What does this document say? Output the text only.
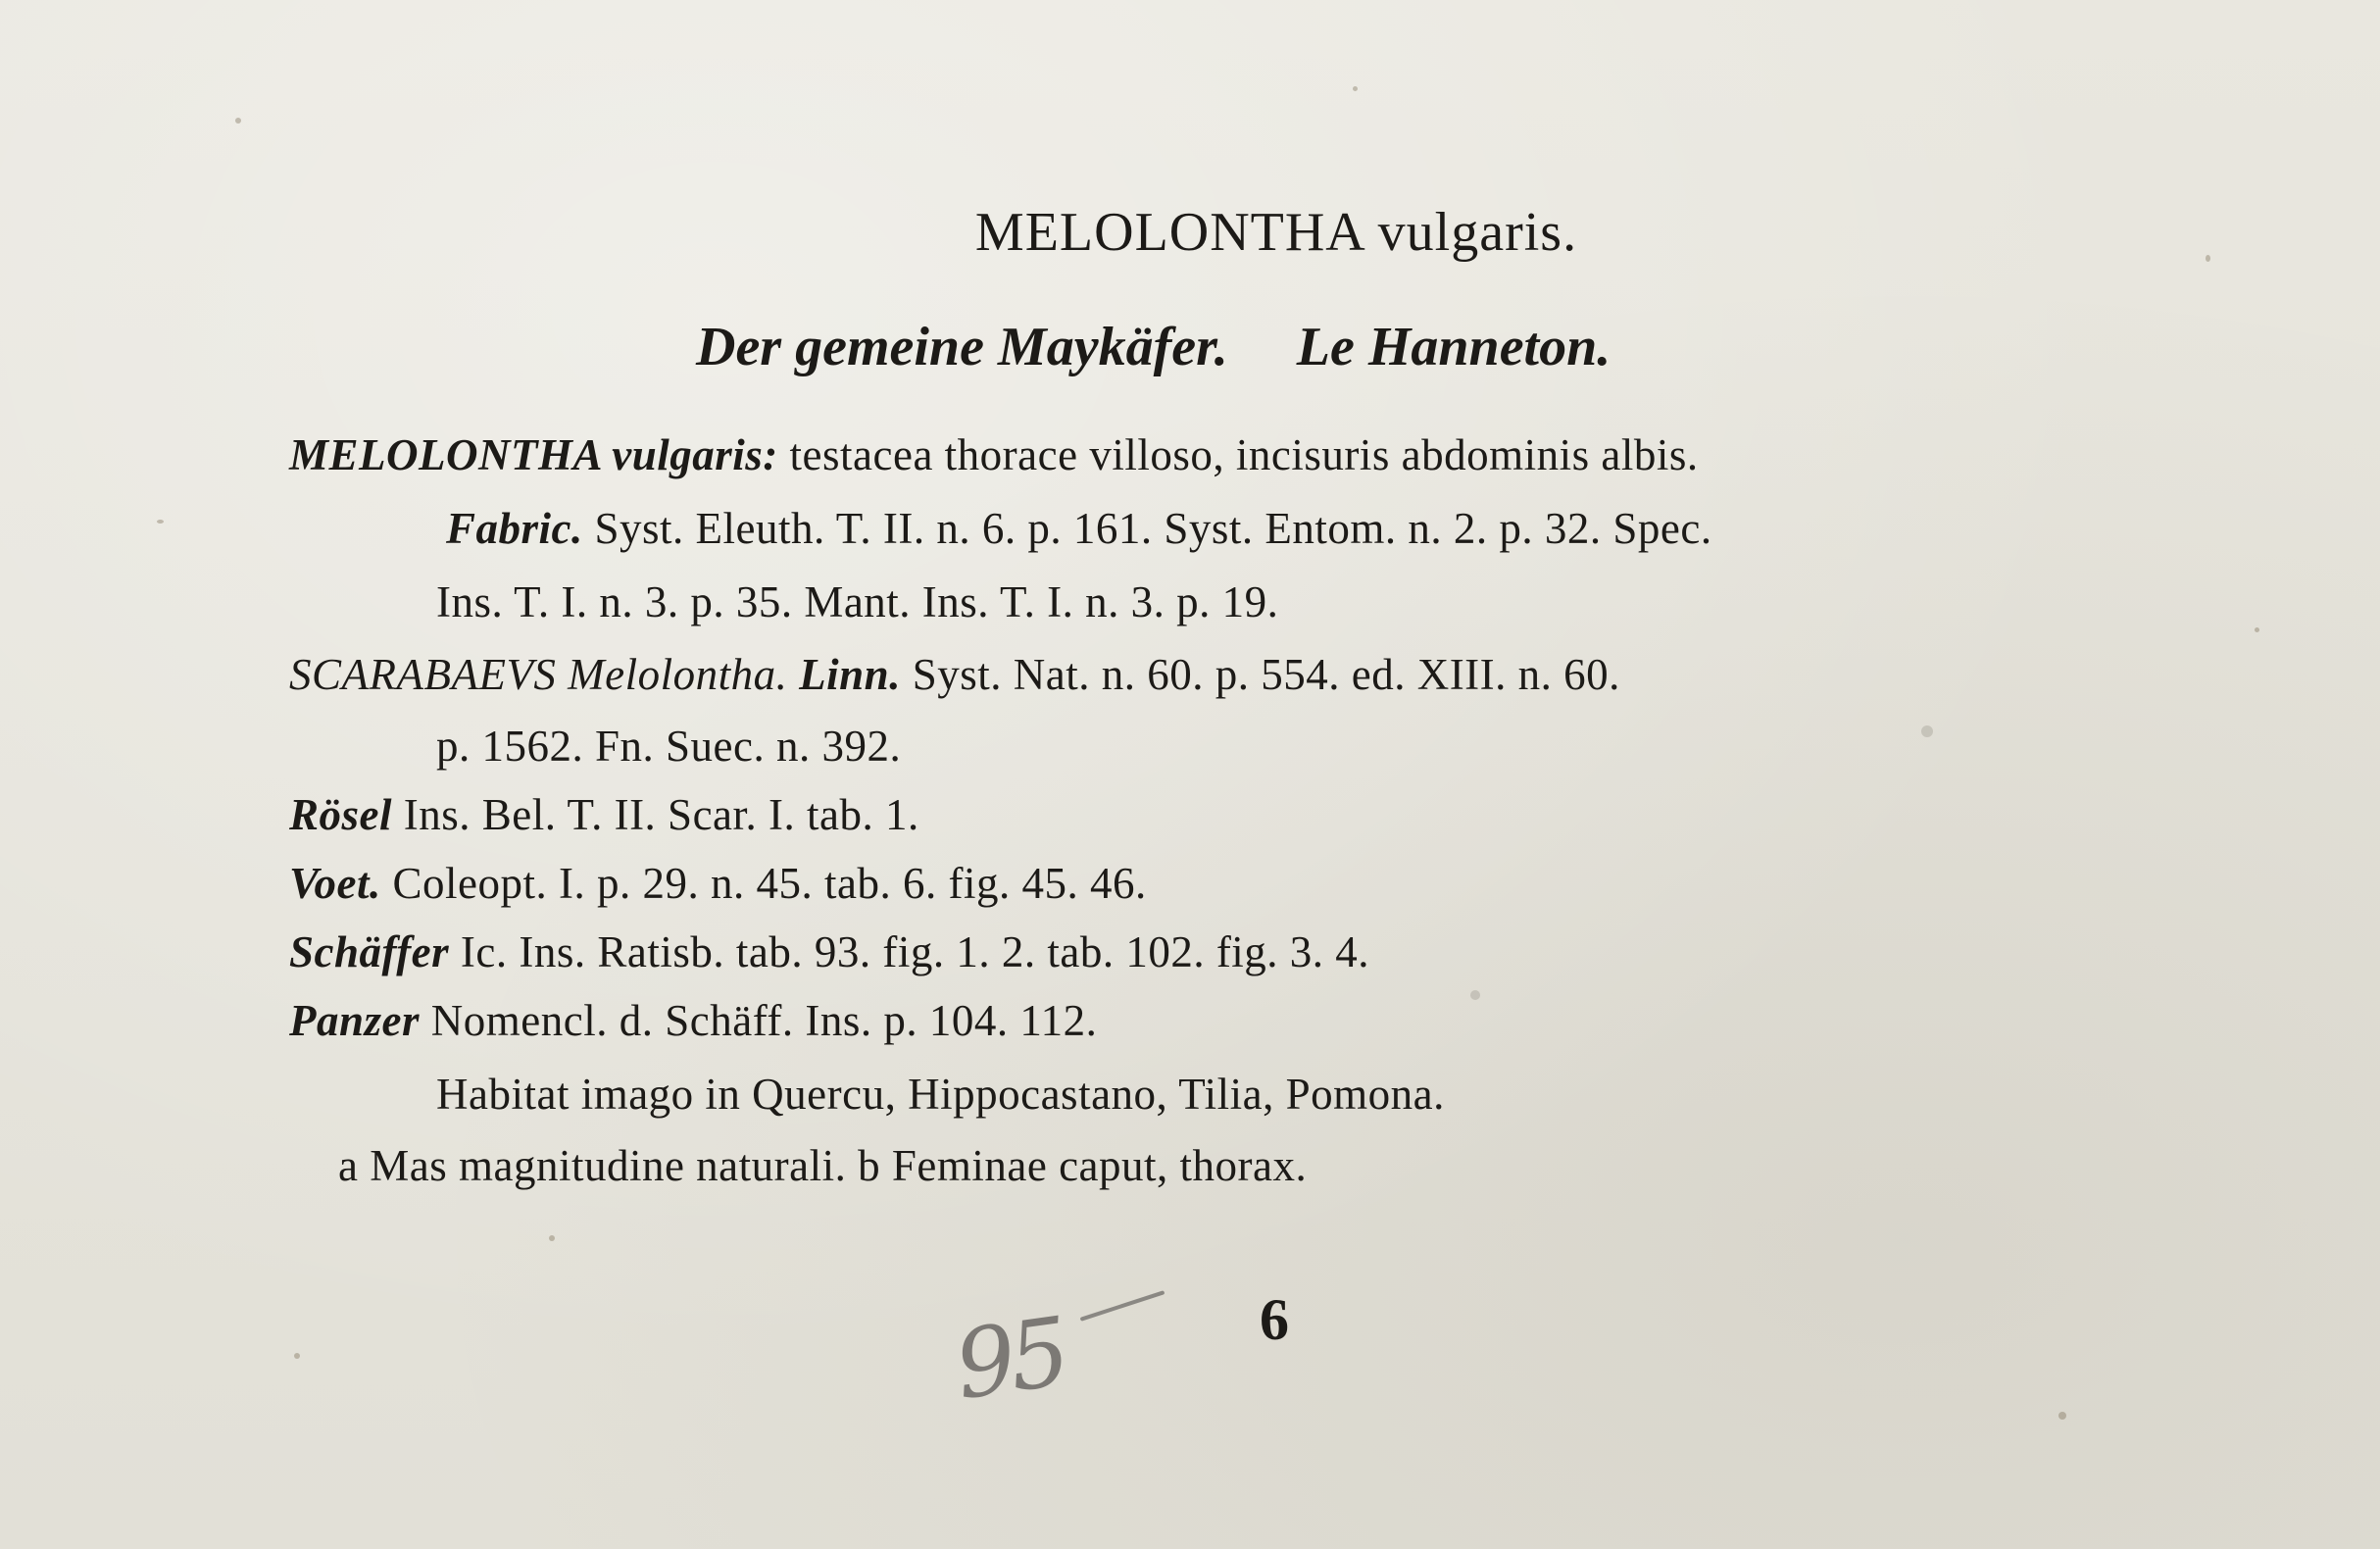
MELOLONTHA vulgaris.
Der gemeine Maykäfer. Le Hanneton.
MELOLONTHA vulgaris: testacea thorace villoso, incisuris abdominis albis.
Fabric. Syst. Eleuth. T. II. n. 6. p. 161. Syst. Entom. n. 2. p. 32. Spec.
Ins. T. I. n. 3. p. 35. Mant. Ins. T. I. n. 3. p. 19.
SCARABAEVS Melolontha. Linn. Syst. Nat. n. 60. p. 554. ed. XIII. n. 60.
p. 1562. Fn. Suec. n. 392.
Rösel Ins. Bel. T. II. Scar. I. tab. 1.
Voet. Coleopt. I. p. 29. n. 45. tab. 6. fig. 45. 46.
Schäffer Ic. Ins. Ratisb. tab. 93. fig. 1. 2. tab. 102. fig. 3. 4.
Panzer Nomencl. d. Schäff. Ins. p. 104. 112.
Habitat imago in Quercu, Hippocastano, Tilia, Pomona.
a Mas magnitudine naturali. b Feminae caput, thorax.
95	6
